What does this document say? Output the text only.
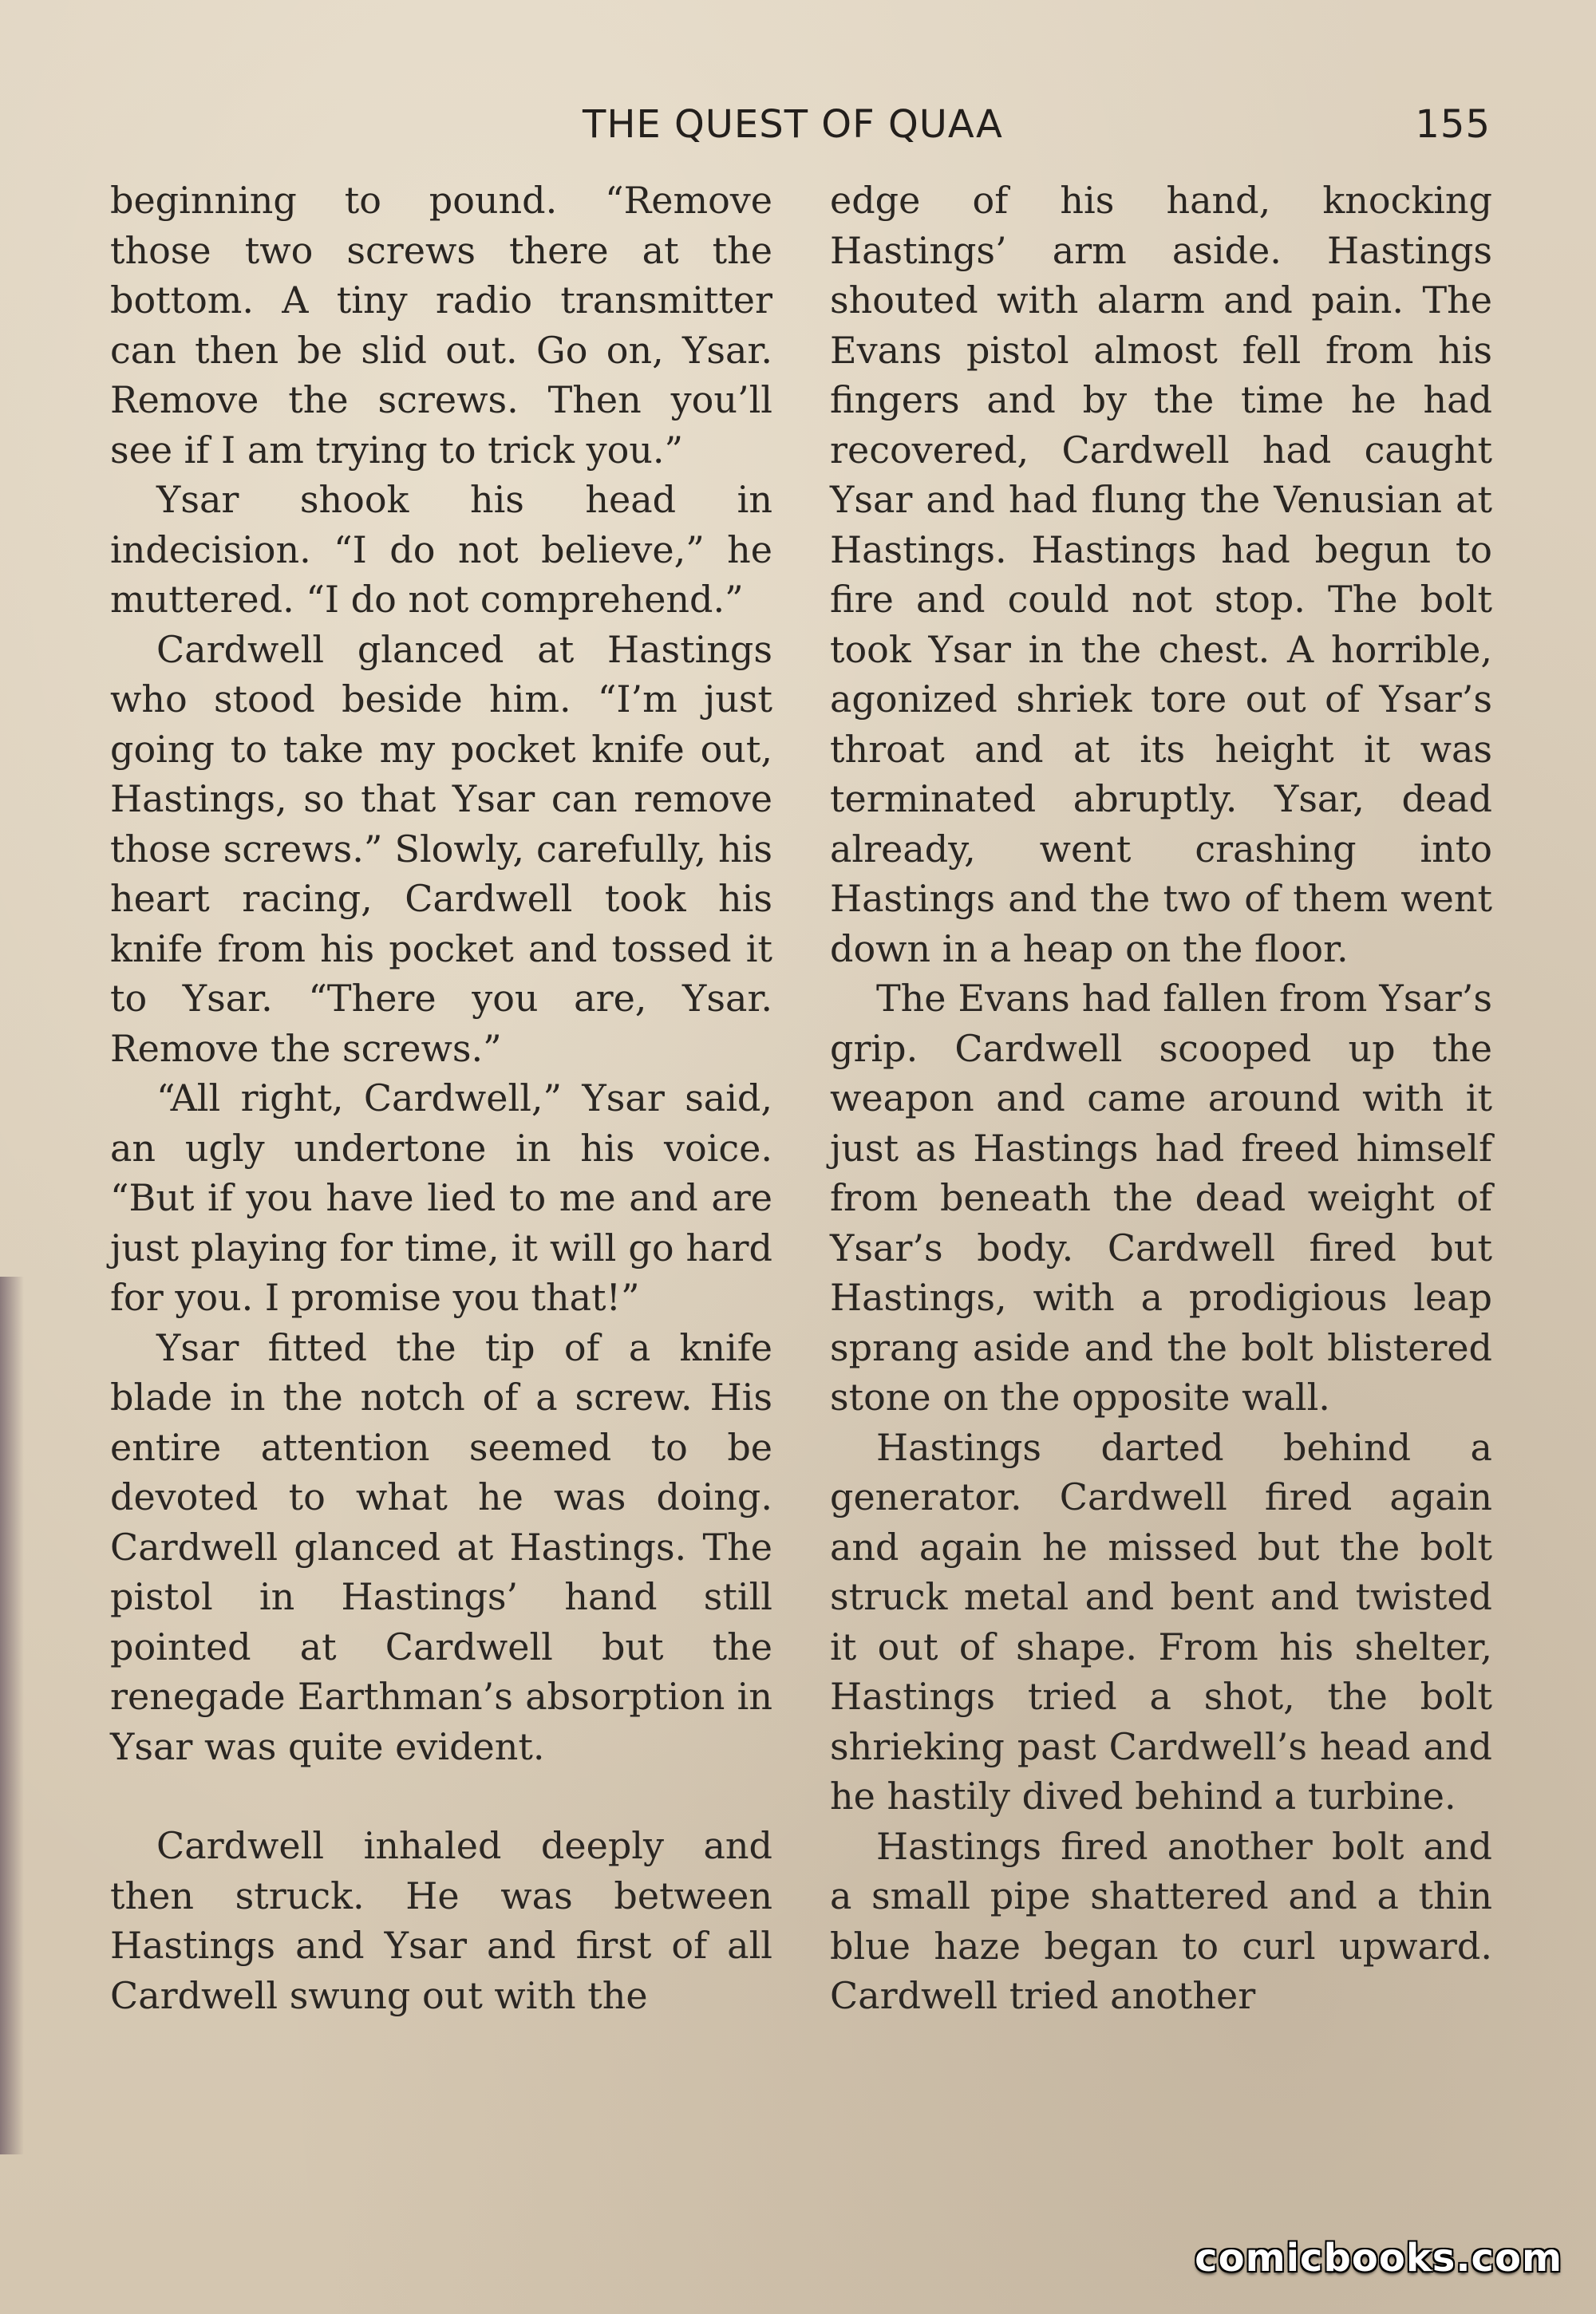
THE QUEST OF QUAA	155

beginning to pound. “Remove those two screws there at the bottom. A tiny radio transmitter can then be slid out. Go on, Ysar. Remove the screws. Then you’ll see if I am trying to trick you.”

Ysar shook his head in indecision. “I do not believe,” he muttered. “I do not comprehend.”

Cardwell glanced at Hastings who stood beside him. “I’m just going to take my pocket knife out, Hastings, so that Ysar can remove those screws.” Slowly, carefully, his heart racing, Cardwell took his knife from his pocket and tossed it to Ysar. “There you are, Ysar. Remove the screws.”

“All right, Cardwell,” Ysar said, an ugly undertone in his voice. “But if you have lied to me and are just playing for time, it will go hard for you. I promise you that!”

Ysar fitted the tip of a knife blade in the notch of a screw. His entire attention seemed to be devoted to what he was doing. Cardwell glanced at Hastings. The pistol in Hastings’ hand still pointed at Cardwell but the renegade Earthman’s absorption in Ysar was quite evident.

Cardwell inhaled deeply and then struck. He was between Hastings and Ysar and first of all Cardwell swung out with the

edge of his hand, knocking Hastings’ arm aside. Hastings shouted with alarm and pain. The Evans pistol almost fell from his fingers and by the time he had recovered, Cardwell had caught Ysar and had flung the Venusian at Hastings. Hastings had begun to fire and could not stop. The bolt took Ysar in the chest. A horrible, agonized shriek tore out of Ysar’s throat and at its height it was terminated abruptly. Ysar, dead already, went crashing into Hastings and the two of them went down in a heap on the floor.

The Evans had fallen from Ysar’s grip. Cardwell scooped up the weapon and came around with it just as Hastings had freed himself from beneath the dead weight of Ysar’s body. Cardwell fired but Hastings, with a prodigious leap sprang aside and the bolt blistered stone on the opposite wall.

Hastings darted behind a generator. Cardwell fired again and again he missed but the bolt struck metal and bent and twisted it out of shape. From his shelter, Hastings tried a shot, the bolt shrieking past Cardwell’s head and he hastily dived behind a turbine.

Hastings fired another bolt and a small pipe shattered and a thin blue haze began to curl upward. Cardwell tried another

comicbooks.com
